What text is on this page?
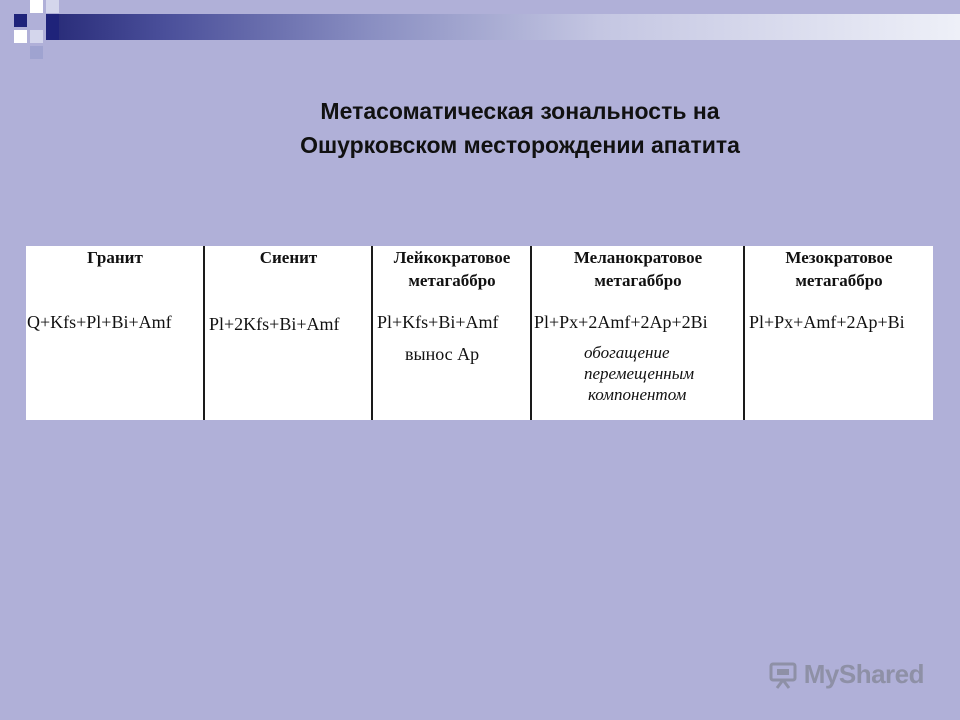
Метасоматическая зональность на
Ошурковском месторождении апатита
Гранит
Q+Kfs+Pl+Bi+Amf
Сиенит
Pl+2Kfs+Bi+Amf
Лейкократовое
метагаббро
Pl+Kfs+Bi+Amf
вынос Ap
Меланократовое
метагаббро
Pl+Px+2Amf+2Ap+2Bi
обогащение
перемещенным
компонентом
Мезократовое
метагаббро
Pl+Px+Amf+2Ap+Bi
MyShared
